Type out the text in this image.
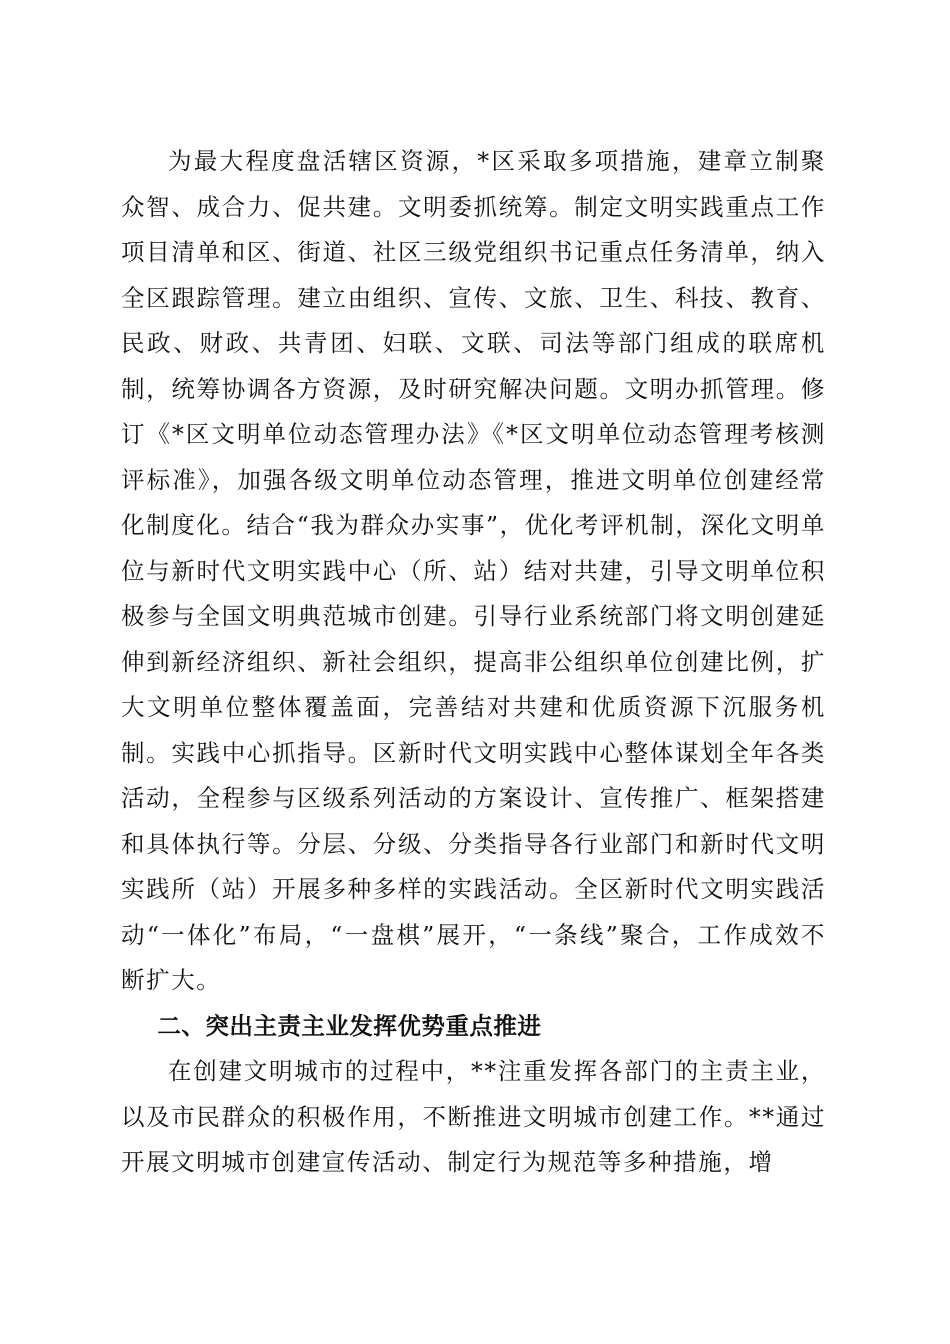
为最大程度盘活辖区资源，*区采取多项措施，建章立制聚众智、成合力、促共建。文明委抓统筹。制定文明实践重点工作项目清单和区、街道、社区三级党组织书记重点任务清单，纳入全区跟踪管理。建立由组织、宣传、文旅、卫生、科技、教育、民政、财政、共青团、妇联、文联、司法等部门组成的联席机制，统筹协调各方资源，及时研究解决问题。文明办抓管理。修订《*区文明单位动态管理办法》《*区文明单位动态管理考核测评标准》，加强各级文明单位动态管理，推进文明单位创建经常化制度化。结合“我为群众办实事”，优化考评机制，深化文明单位与新时代文明实践中心（所、站）结对共建，引导文明单位积极参与全国文明典范城市创建。引导行业系统部门将文明创建延伸到新经济组织、新社会组织，提高非公组织单位创建比例，扩大文明单位整体覆盖面，完善结对共建和优质资源下沉服务机制。实践中心抓指导。区新时代文明实践中心整体谋划全年各类活动，全程参与区级系列活动的方案设计、宣传推广、框架搭建和具体执行等。分层、分级、分类指导各行业部门和新时代文明实践所（站）开展多种多样的实践活动。全区新时代文明实践活动“一体化”布局，“一盘棋”展开，“一条线”聚合，工作成效不断扩大。

二、突出主责主业发挥优势重点推进

在创建文明城市的过程中，**注重发挥各部门的主责主业，以及市民群众的积极作用，不断推进文明城市创建工作。**通过开展文明城市创建宣传活动、制定行为规范等多种措施，增
